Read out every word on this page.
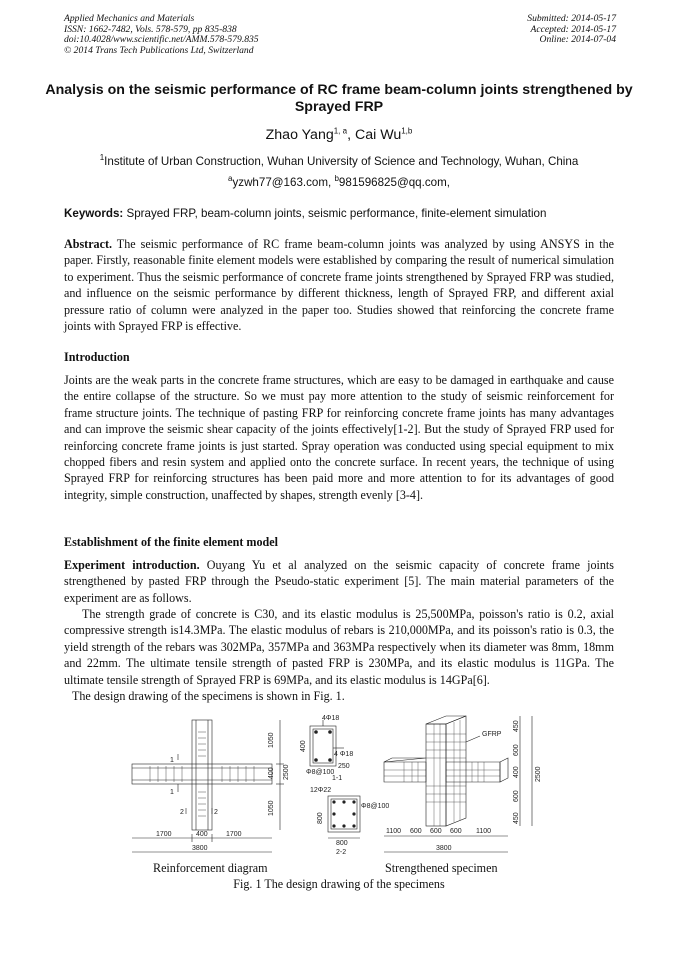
Applied Mechanics and Materials
ISSN: 1662-7482, Vols. 578-579, pp 835-838
doi:10.4028/www.scientific.net/AMM.578-579.835
© 2014 Trans Tech Publications Ltd, Switzerland
Submitted: 2014-05-17
Accepted: 2014-05-17
Online: 2014-07-04
Analysis on the seismic performance of RC frame beam-column joints strengthened by Sprayed FRP
Zhao Yang$^{1, a}$, Cai Wu$^{1,b}$
$^1$Institute of Urban Construction, Wuhan University of Science and Technology, Wuhan, China
$^a$yzwh77@163.com, $^b$981596825@qq.com,
Keywords: Sprayed FRP, beam-column joints, seismic performance, finite-element simulation
Abstract. The seismic performance of RC frame beam-column joints was analyzed by using ANSYS in the paper. Firstly, reasonable finite element models were established by comparing the result of numerical simulation to experiment. Thus the seismic performance of concrete frame joints strengthened by Sprayed FRP was studied, and influence on the seismic performance by different thickness, length of Sprayed FRP, and different axial pressure ratio of column were analyzed in the paper too. Studies showed that reinforcing the concrete frame joints with Sprayed FRP is effective.
Introduction
Joints are the weak parts in the concrete frame structures, which are easy to be damaged in earthquake and cause the entire collapse of the structure. So we must pay more attention to the study of seismic reinforcement for frame structure joints. The technique of pasting FRP for reinforcing concrete frame joints has many advantages and can improve the seismic shear capacity of the joints effectively[1-2]. But the study of Sprayed FRP used for reinforcing concrete frame joints is just started. Spray operation was conducted using special equipment to mix chopped fibers and resin system and applied onto the concrete surface. In recent years, the technique of using Sprayed FRP for reinforcing structures has been paid more and more attention to for its advantages of good integrity, simple construction, unaffected by shapes, strength evenly [3-4].
Establishment of the finite element model
Experiment introduction. Ouyang Yu et al analyzed on the seismic capacity of concrete frame joints strengthened by pasted FRP through the Pseudo-static experiment [5]. The main material parameters of the experiment are as follows.
The strength grade of concrete is C30, and its elastic modulus is 25,500MPa, poisson's ratio is 0.2, axial compressive strength is14.3MPa. The elastic modulus of rebars is 210,000MPa, and its poisson's ratio is 0.3, the yield strength of the rebars was 302MPa, 357MPa and 363MPa respectively when its diameter was 8mm, 18mm and 22mm. The ultimate tensile strength of pasted FRP is 230MPa, and its elastic modulus is 11GPa. The ultimate tensile strength of Sprayed FRP is 69MPa, and its elastic modulus is 14GPa[6].
The design drawing of the specimens is shown in Fig. 1.
1
1
2	2
1700	400	1700
3800
1050
400
1050
2500
4Φ18
4 Φ18
400
250
Φ8@100
1-1
12Φ22
Φ8@100
800
800
2-2
GFRP
1100 600 600 600 1100
3800
450
600
400
600
450
2500
Reinforcement diagram	Strengthened specimen
Fig. 1 The design drawing of the specimens
